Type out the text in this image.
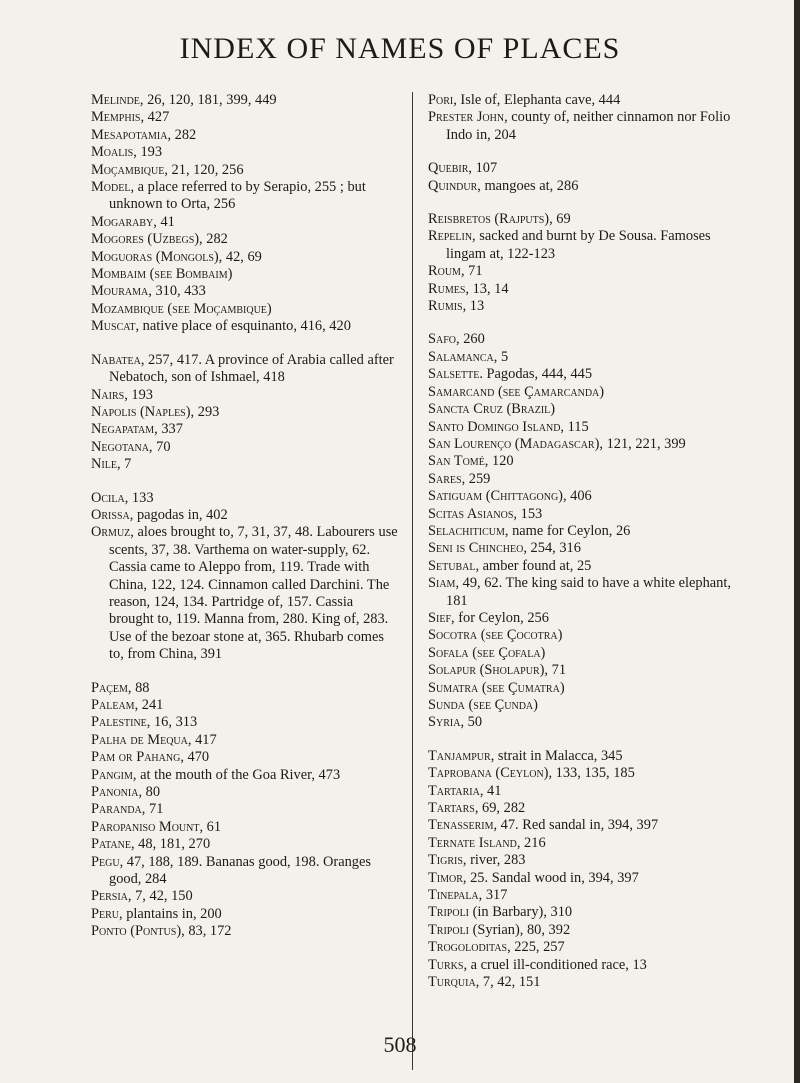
INDEX OF NAMES OF PLACES
Melinde, 26, 120, 181, 399, 449
Memphis, 427
Mesapotamia, 282
Moalis, 193
Moçambique, 21, 120, 256
Model, a place referred to by Serapio, 255 ; but unknown to Orta, 256
Mogaraby, 41
Mogores (Uzbegs), 282
Moguoras (Mongols), 42, 69
Mombaim (see Bombaim)
Mourama, 310, 433
Mozambique (see Moçambique)
Muscat, native place of esquinanto, 416, 420
Nabatea, 257, 417. A province of Arabia called after Nebatoch, son of Ishmael, 418
Nairs, 193
Napolis (Naples), 293
Negapatam, 337
Negotana, 70
Nile, 7
Ocila, 133
Orissa, pagodas in, 402
Ormuz, aloes brought to, 7, 31, 37, 48. Labourers use scents, 37, 38. Varthema on water-supply, 62. Cassia came to Aleppo from, 119. Trade with China, 122, 124. Cinnamon called Darchini. The reason, 124, 134. Partridge of, 157. Cassia brought to, 119. Manna from, 280. King of, 283. Use of the bezoar stone at, 365. Rhubarb comes to, from China, 391
Paçem, 88
Paleam, 241
Palestine, 16, 313
Palha de Mequa, 417
Pam or Pahang, 470
Pangim, at the mouth of the Goa River, 473
Panonia, 80
Paranda, 71
Paropaniso Mount, 61
Patane, 48, 181, 270
Pegu, 47, 188, 189. Bananas good, 198. Oranges good, 284
Persia, 7, 42, 150
Peru, plantains in, 200
Ponto (Pontus), 83, 172
Pori, Isle of, Elephanta cave, 444
Prester John, county of, neither cinnamon nor Folio Indo in, 204
Quebir, 107
Quindur, mangoes at, 286
Reisbretos (Rajputs), 69
Repelin, sacked and burnt by De Sousa. Famoses lingam at, 122-123
Roum, 71
Rumes, 13, 14
Rumis, 13
Safo, 260
Salamanca, 5
Salsette. Pagodas, 444, 445
Samarcand (see Çamarcanda)
Sancta Cruz (Brazil)
Santo Domingo Island, 115
San Lourenço (Madagascar), 121, 221, 399
San Tomé, 120
Sares, 259
Satiguam (Chittagong), 406
Scitas Asianos, 153
Selachiticum, name for Ceylon, 26
Seni is Chincheo, 254, 316
Setubal, amber found at, 25
Siam, 49, 62. The king said to have a white elephant, 181
Sief, for Ceylon, 256
Socotra (see Çocotra)
Sofala (see Çofala)
Solapur (Sholapur), 71
Sumatra (see Çumatra)
Sunda (see Çunda)
Syria, 50
Tanjampur, strait in Malacca, 345
Taprobana (Ceylon), 133, 135, 185
Tartaria, 41
Tartars, 69, 282
Tenasserim, 47. Red sandal in, 394, 397
Ternate Island, 216
Tigris, river, 283
Timor, 25. Sandal wood in, 394, 397
Tinepala, 317
Tripoli (in Barbary), 310
Tripoli (Syrian), 80, 392
Trogoloditas, 225, 257
Turks, a cruel ill-conditioned race, 13
Turquia, 7, 42, 151
508
